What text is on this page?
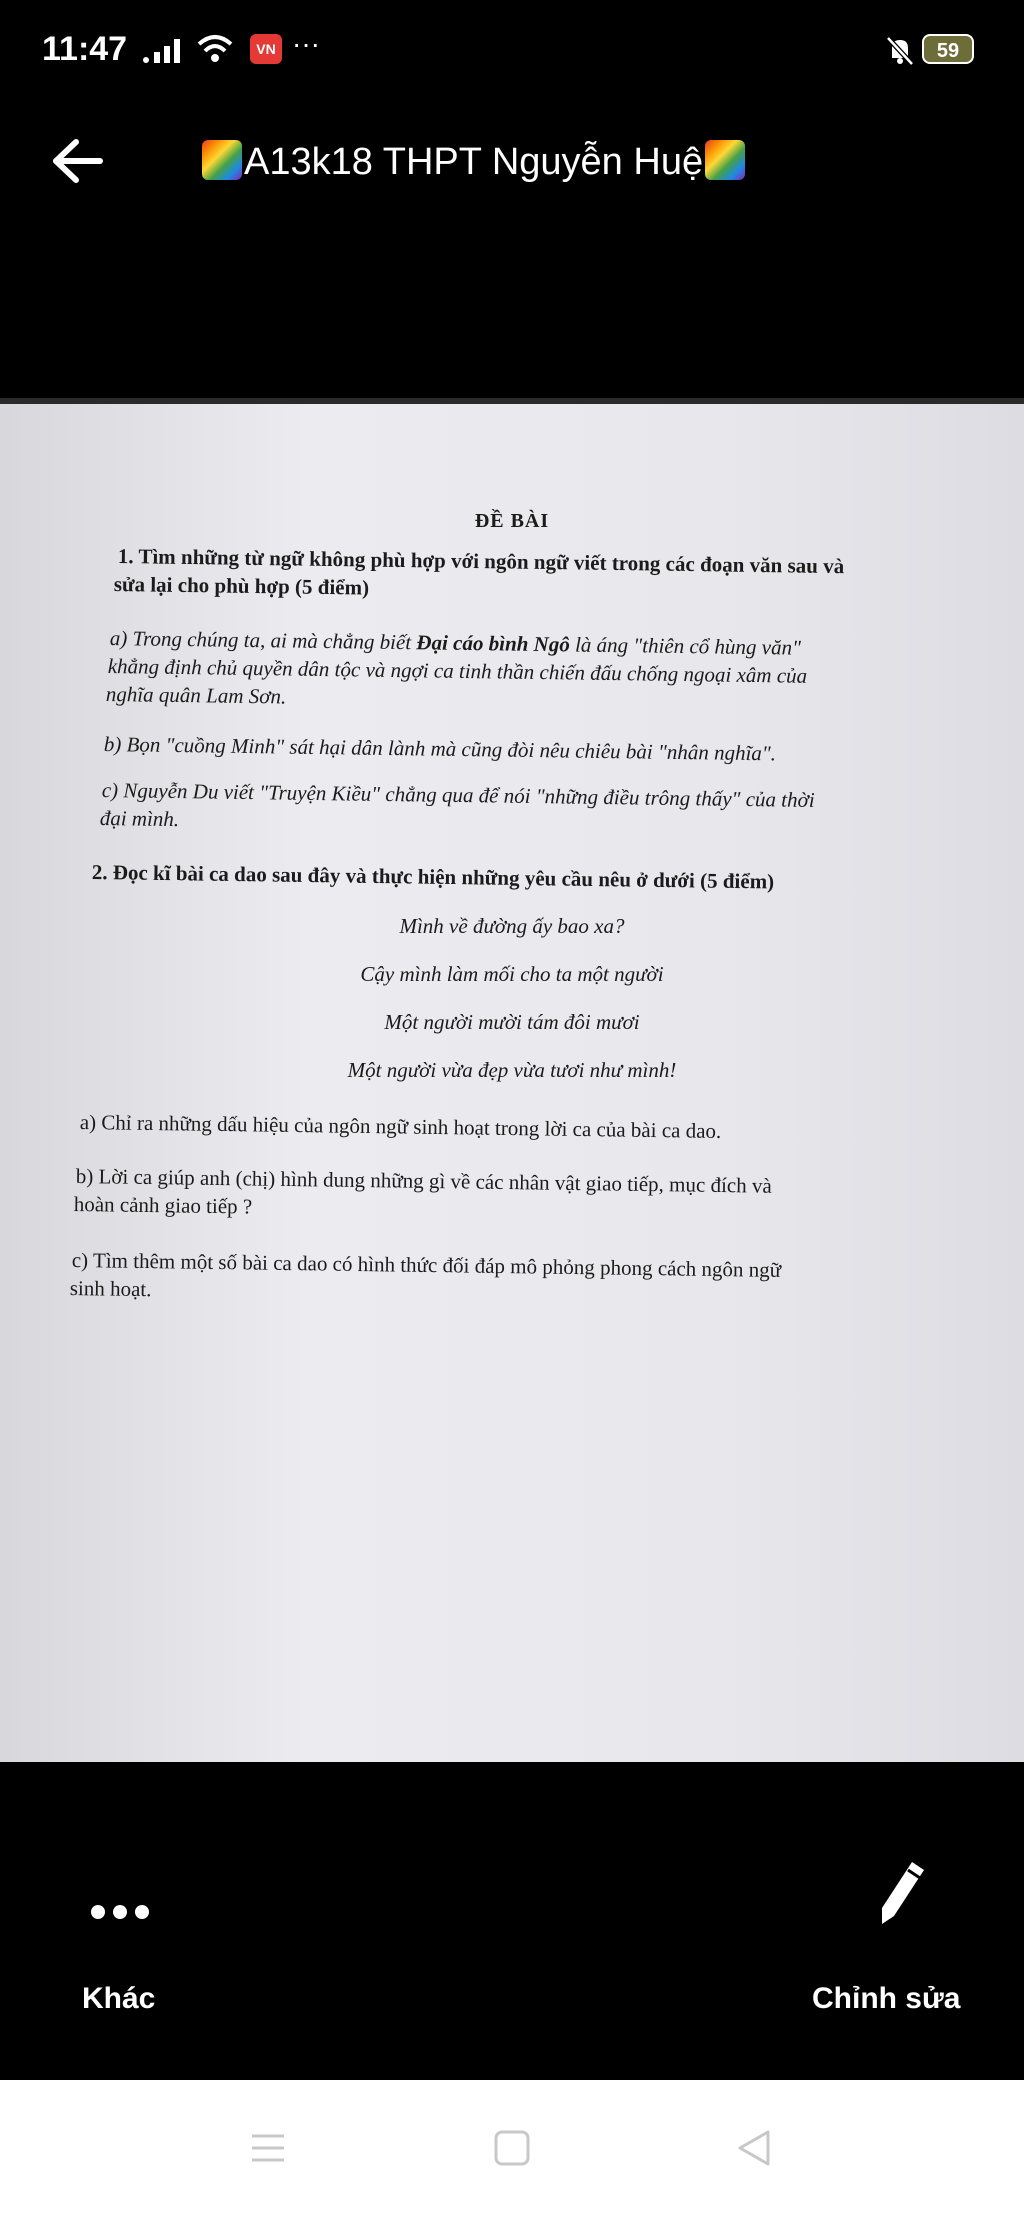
11:47	VN ···	59
A13k18 THPT Nguyễn Huệ
ĐỀ BÀI
1. Tìm những từ ngữ không phù hợp với ngôn ngữ viết trong các đoạn văn sau và
sửa lại cho phù hợp (5 điểm)
a) Trong chúng ta, ai mà chẳng biết Đại cáo bình Ngô là áng "thiên cổ hùng văn"
khẳng định chủ quyền dân tộc và ngợi ca tinh thần chiến đấu chống ngoại xâm của
nghĩa quân Lam Sơn.
b) Bọn "cuồng Minh" sát hại dân lành mà cũng đòi nêu chiêu bài "nhân nghĩa".
c) Nguyễn Du viết "Truyện Kiều" chẳng qua để nói "những điều trông thấy" của thời
đại mình.
2. Đọc kĩ bài ca dao sau đây và thực hiện những yêu cầu nêu ở dưới (5 điểm)
Mình về đường ấy bao xa?
Cậy mình làm mối cho ta một người
Một người mười tám đôi mươi
Một người vừa đẹp vừa tươi như mình!
a) Chỉ ra những dấu hiệu của ngôn ngữ sinh hoạt trong lời ca của bài ca dao.
b) Lời ca giúp anh (chị) hình dung những gì về các nhân vật giao tiếp, mục đích và
hoàn cảnh giao tiếp ?
c) Tìm thêm một số bài ca dao có hình thức đối đáp mô phỏng phong cách ngôn ngữ
sinh hoạt.
Khác	Chỉnh sửa
